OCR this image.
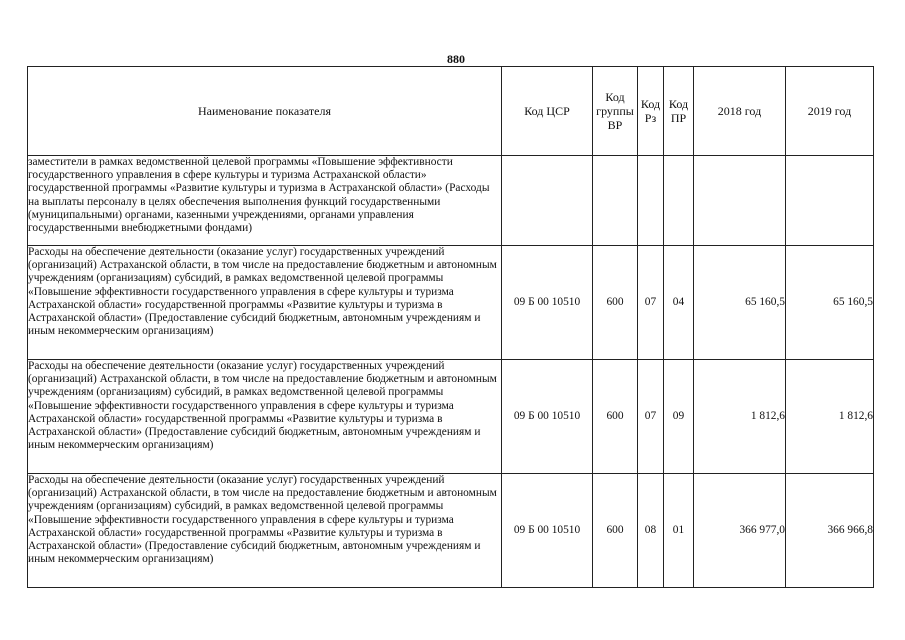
880
Наименование показателя	Код ЦСР	Код группы ВР	Код Рз	Код ПР	2018 год	2019 год

заместители в рамках ведомственной целевой программы «Повышение эффективности государственного управления в сфере культуры и туризма Астраханской области» государственной программы «Развитие культуры и туризма в Астраханской области» (Расходы на выплаты персоналу в целях обеспечения выполнения функций государственными (муниципальными) органами, казенными учреждениями, органами управления государственными внебюджетными фондами)						

Расходы на обеспечение деятельности (оказание услуг) государственных учреждений (организаций) Астраханской области, в том числе на предоставление бюджетным и автономным учреждениям (организациям) субсидий, в рамках ведомственной целевой программы «Повышение эффективности государственного управления в сфере культуры и туризма Астраханской области» государственной программы «Развитие культуры и туризма в Астраханской области» (Предоставление субсидий бюджетным, автономным учреждениям и иным некоммерческим организациям)	09 Б 00 10510	600	07	04	65 160,5	65 160,5

Расходы на обеспечение деятельности (оказание услуг) государственных учреждений (организаций) Астраханской области, в том числе на предоставление бюджетным и автономным учреждениям (организациям) субсидий, в рамках ведомственной целевой программы «Повышение эффективности государственного управления в сфере культуры и туризма Астраханской области» государственной программы «Развитие культуры и туризма в Астраханской области» (Предоставление субсидий бюджетным, автономным учреждениям и иным некоммерческим организациям)	09 Б 00 10510	600	07	09	1 812,6	1 812,6

Расходы на обеспечение деятельности (оказание услуг) государственных учреждений (организаций) Астраханской области, в том числе на предоставление бюджетным и автономным учреждениям (организациям) субсидий, в рамках ведомственной целевой программы «Повышение эффективности государственного управления в сфере культуры и туризма Астраханской области» государственной программы «Развитие культуры и туризма в Астраханской области» (Предоставление субсидий бюджетным, автономным учреждениям и иным некоммерческим организациям)	09 Б 00 10510	600	08	01	366 977,0	366 966,8
